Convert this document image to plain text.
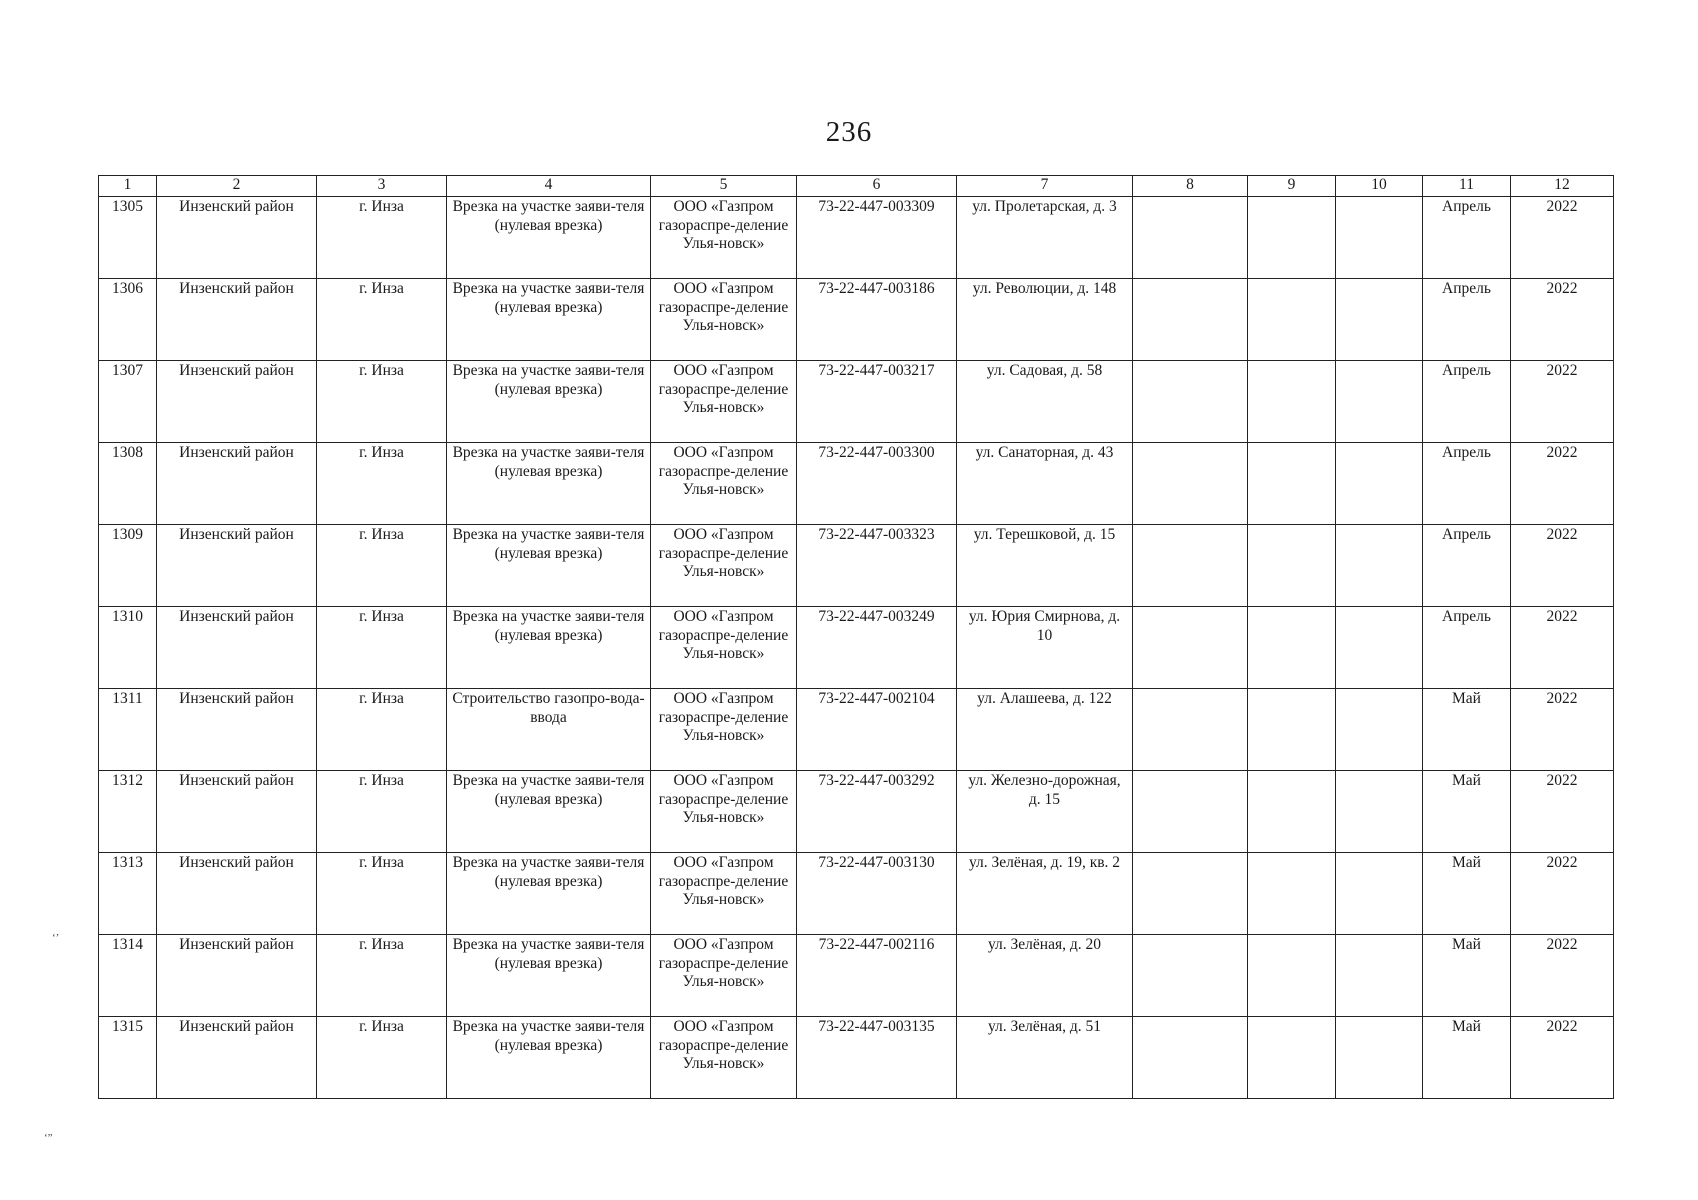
236
1	2	3	4	5	6	7	8	9	10	11	12
1305	Инзенский район	г. Инза	Врезка на участке заяви-теля (нулевая врезка)	ООО «Газпром газораспре-деление Улья-новск»	73-22-447-003309	ул. Пролетарская, д. 3				Апрель	2022
1306	Инзенский район	г. Инза	Врезка на участке заяви-теля (нулевая врезка)	ООО «Газпром газораспре-деление Улья-новск»	73-22-447-003186	ул. Революции, д. 148				Апрель	2022
1307	Инзенский район	г. Инза	Врезка на участке заяви-теля (нулевая врезка)	ООО «Газпром газораспре-деление Улья-новск»	73-22-447-003217	ул. Садовая, д. 58				Апрель	2022
1308	Инзенский район	г. Инза	Врезка на участке заяви-теля (нулевая врезка)	ООО «Газпром газораспре-деление Улья-новск»	73-22-447-003300	ул. Санаторная, д. 43				Апрель	2022
1309	Инзенский район	г. Инза	Врезка на участке заяви-теля (нулевая врезка)	ООО «Газпром газораспре-деление Улья-новск»	73-22-447-003323	ул. Терешковой, д. 15				Апрель	2022
1310	Инзенский район	г. Инза	Врезка на участке заяви-теля (нулевая врезка)	ООО «Газпром газораспре-деление Улья-новск»	73-22-447-003249	ул. Юрия Смирнова, д. 10				Апрель	2022
1311	Инзенский район	г. Инза	Строительство газопро-вода-ввода	ООО «Газпром газораспре-деление Улья-новск»	73-22-447-002104	ул. Алашеева, д. 122				Май	2022
1312	Инзенский район	г. Инза	Врезка на участке заяви-теля (нулевая врезка)	ООО «Газпром газораспре-деление Улья-новск»	73-22-447-003292	ул. Железно-дорожная, д. 15				Май	2022
1313	Инзенский район	г. Инза	Врезка на участке заяви-теля (нулевая врезка)	ООО «Газпром газораспре-деление Улья-новск»	73-22-447-003130	ул. Зелёная, д. 19, кв. 2				Май	2022
1314	Инзенский район	г. Инза	Врезка на участке заяви-теля (нулевая врезка)	ООО «Газпром газораспре-деление Улья-новск»	73-22-447-002116	ул. Зелёная, д. 20				Май	2022
1315	Инзенский район	г. Инза	Врезка на участке заяви-теля (нулевая врезка)	ООО «Газпром газораспре-деление Улья-новск»	73-22-447-003135	ул. Зелёная, д. 51				Май	2022
‘’
‘”
